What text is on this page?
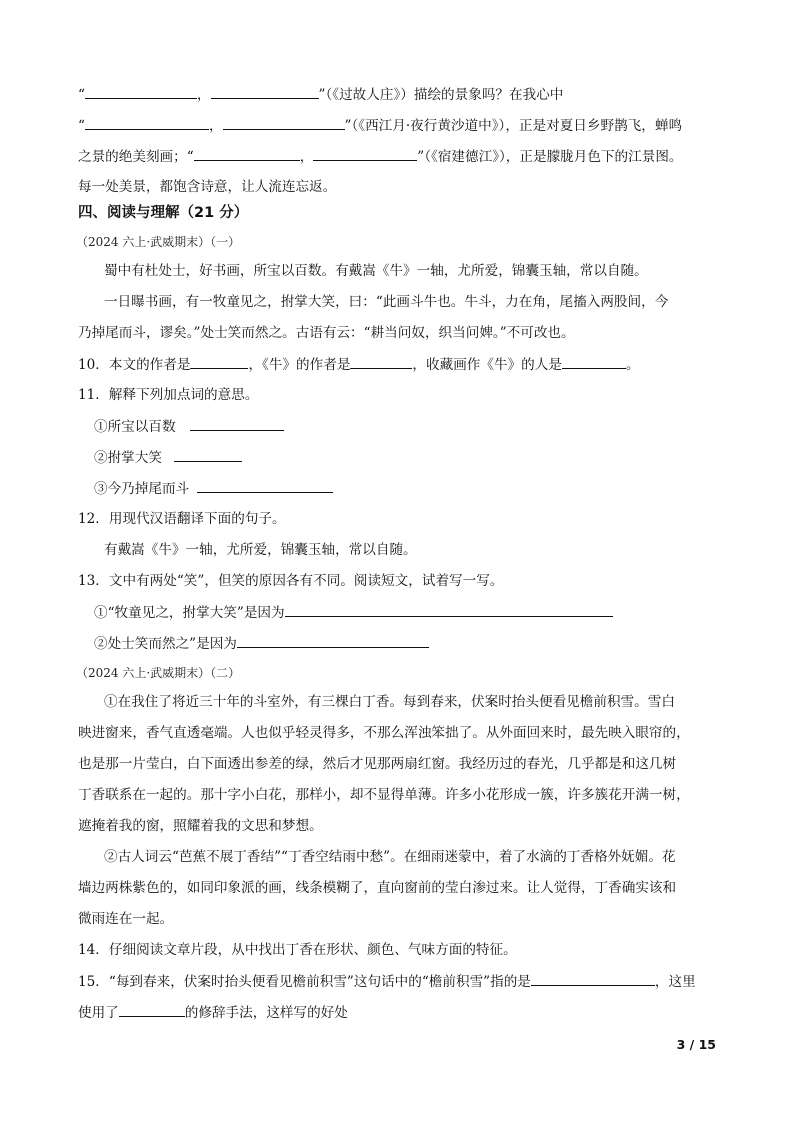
“	，	”（《过故人庄》）描绘的景象吗？在我心中
“	，	”（《西江月·夜行黄沙道中》），正是对夏日乡野鹊飞，蝉鸣
之景的绝美刻画；“	，	”（《宿建德江》），正是朦胧月色下的江景图。
每一处美景，都饱含诗意，让人流连忘返。
四、阅读与理解（21 分）
（2024 六上·武威期末）（一）
蜀中有杜处士，好书画，所宝以百数。有戴嵩《牛》一轴，尤所爱，锦囊玉轴，常以自随。
一日曝书画，有一牧童见之，拊掌大笑，曰：“此画斗牛也。牛斗，力在角，尾搐入两股间，今
乃掉尾而斗，谬矣。”处士笑而然之。古语有云：“耕当问奴，织当问婢。”不可改也。
10．本文的作者是	，《牛》的作者是	，收藏画作《牛》的人是	。
11．解释下列加点词的意思。
①所宝以百数
②拊掌大笑
③今乃掉尾而斗
12．用现代汉语翻译下面的句子。
有戴嵩《牛》一轴，尤所爱，锦囊玉轴，常以自随。
13．文中有两处“笑”，但笑的原因各有不同。阅读短文，试着写一写。
①“牧童见之，拊掌大笑”是因为
②处士笑而然之”是因为
（2024 六上·武威期末）（二）
①在我住了将近三十年的斗室外，有三棵白丁香。每到春来，伏案时抬头便看见檐前积雪。雪白
映进窗来，香气直透毫端。人也似乎轻灵得多，不那么浑浊笨拙了。从外面回来时，最先映入眼帘的，
也是那一片莹白，白下面透出参差的绿，然后才见那两扇红窗。我经历过的春光，几乎都是和这几树
丁香联系在一起的。那十字小白花，那样小，却不显得单薄。许多小花形成一簇，许多簇花开满一树，
遮掩着我的窗，照耀着我的文思和梦想。
②古人词云“芭蕉不展丁香结”“丁香空结雨中愁”。在细雨迷蒙中，着了水滴的丁香格外妩媚。花
墙边两株紫色的，如同印象派的画，线条模糊了，直向窗前的莹白渗过来。让人觉得，丁香确实该和
微雨连在一起。
14．仔细阅读文章片段，从中找出丁香在形状、颜色、气味方面的特征。
15．“每到春来，伏案时抬头便看见檐前积雪”这句话中的“檐前积雪”指的是	，这里
使用了	的修辞手法，这样写的好处
3 / 15
